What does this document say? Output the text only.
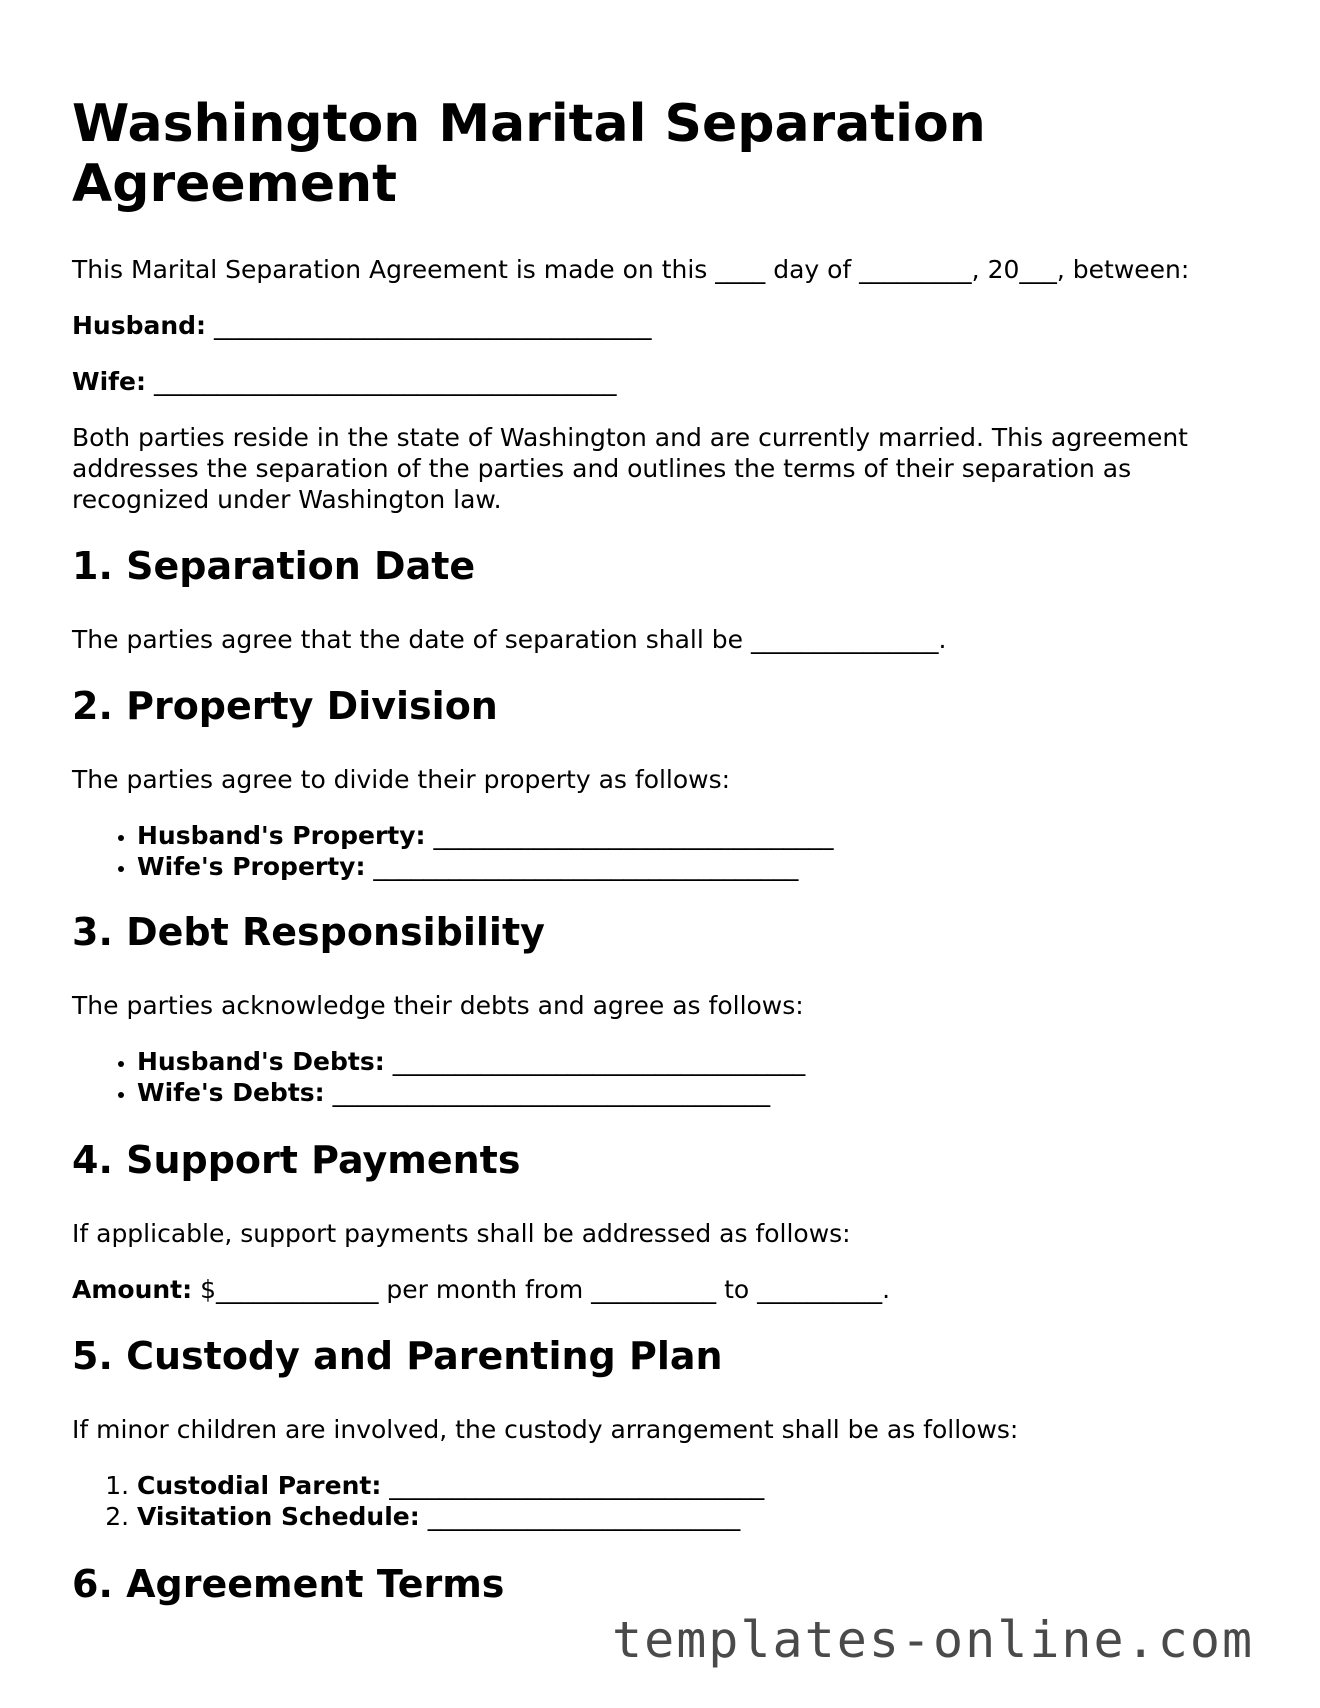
Washington Marital Separation Agreement

This Marital Separation Agreement is made on this ____ day of _________, 20___, between:

Husband: ___________________________________

Wife: _____________________________________

Both parties reside in the state of Washington and are currently married. This agreement addresses the separation of the parties and outlines the terms of their separation as recognized under Washington law.

1. Separation Date

The parties agree that the date of separation shall be _______________.

2. Property Division

The parties agree to divide their property as follows:

• Husband's Property: ________________________________
• Wife's Property: __________________________________
3. Debt Responsibility

The parties acknowledge their debts and agree as follows:

• Husband's Debts: _________________________________
• Wife's Debts: ___________________________________
4. Support Payments

If applicable, support payments shall be addressed as follows:

Amount: $_____________ per month from __________ to __________.

5. Custody and Parenting Plan

If minor children are involved, the custody arrangement shall be as follows:

1. Custodial Parent: ______________________________
2. Visitation Schedule: _________________________
6. Agreement Terms
templates-online.com
